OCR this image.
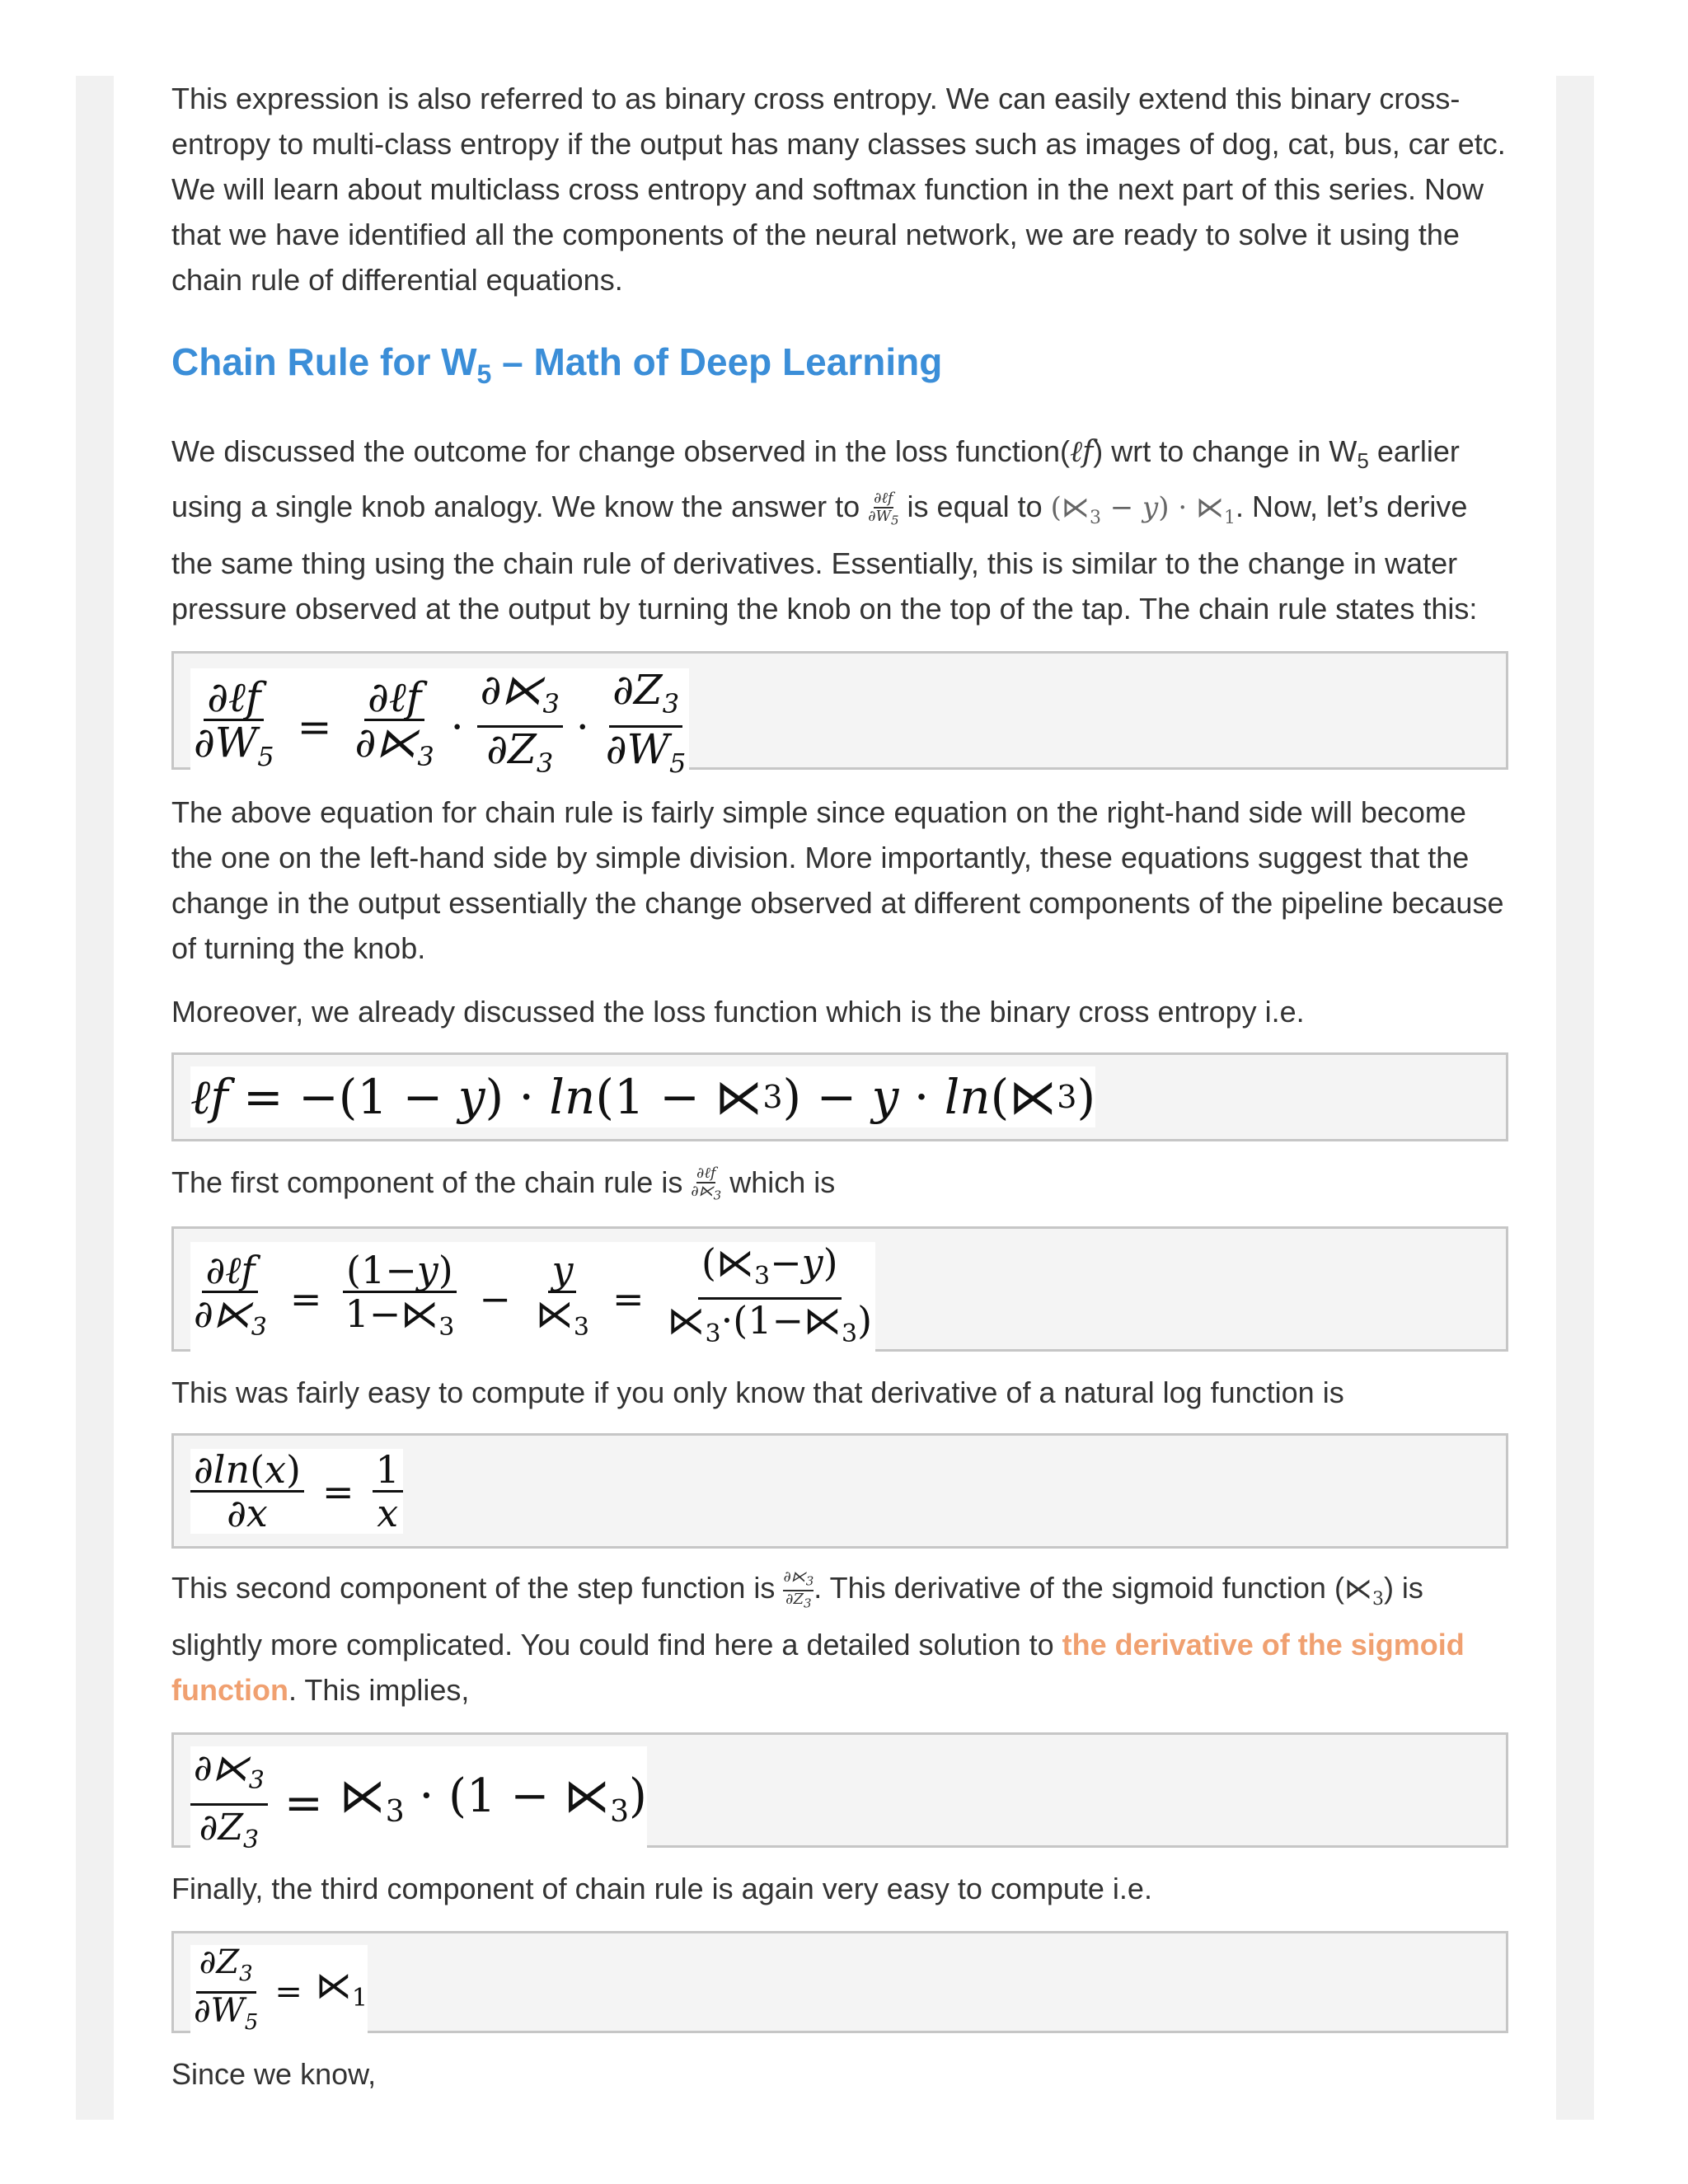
This expression is also referred to as binary cross entropy. We can easily extend this binary cross-entropy to multi-class entropy if the output has many classes such as images of dog, cat, bus, car etc. We will learn about multiclass cross entropy and softmax function in the next part of this series. Now that we have identified all the components of the neural network, we are ready to solve it using the chain rule of differential equations.

Chain Rule for $W_5$ – Math of Deep Learning

We discussed the outcome for change observed in the loss function(ℓf) wrt to change in $W_5$ earlier using a single knob analogy. We know the answer to $\frac{\text{∂ℓf}}{\partial W_5}$ is equal to $(⋉_3 - y)$ · $⋉_1$. Now, let’s derive the same thing using the chain rule of derivatives. Essentially, this is similar to the change in water pressure observed at the output by turning the knob on the top of the tap. The chain rule states this:

$\frac{\text{∂ℓf}}{\partial W_5} = \frac{\text{∂ℓf}}{\partial⋉_3} \cdot \frac{\partial⋉_3}{\partial Z_3} \cdot \frac{\partial Z_3}{\partial W_5}$

The above equation for chain rule is fairly simple since equation on the right-hand side will become the one on the left-hand side by simple division. More importantly, these equations suggest that the change in the output essentially the change observed at different components of the pipeline because of turning the knob.

Moreover, we already discussed the loss function which is the binary cross entropy i.e.

ℓf = −(1 − y ) · ln (1 − ⋉ 3 ) − y · ln (⋉ 3 )

The first component of the chain rule is $\frac{\text{∂ℓf}}{\partial⋉_3}$ which is

$\frac{\text{∂ℓf}}{\partial⋉_3} = \frac{(1-y)}{1-⋉_3} - \frac{y}{⋉_3} = \frac{(⋉_3-y)}{⋉_3\cdot(1-⋉_3)}$

This was fairly easy to compute if you only know that derivative of a natural log function is

$\frac{\partial\ln(x)}{\partial x} = \frac{1}{x}$

This second component of the step function is $\frac{\partial⋉_3}{\partial Z_3}$ . This derivative of the sigmoid function $(⋉_3)$ is slightly more complicated. You could find here a detailed solution to the derivative of the sigmoid function. This implies,

$\frac{\partial⋉_3}{\partial Z_3}$ = $⋉_3 \cdot (1$ − $⋉_3$)

Finally, the third component of chain rule is again very easy to compute i.e.

$\frac{\partial Z_3}{\partial W_5}$ = $⋉_1$

Since we know,
